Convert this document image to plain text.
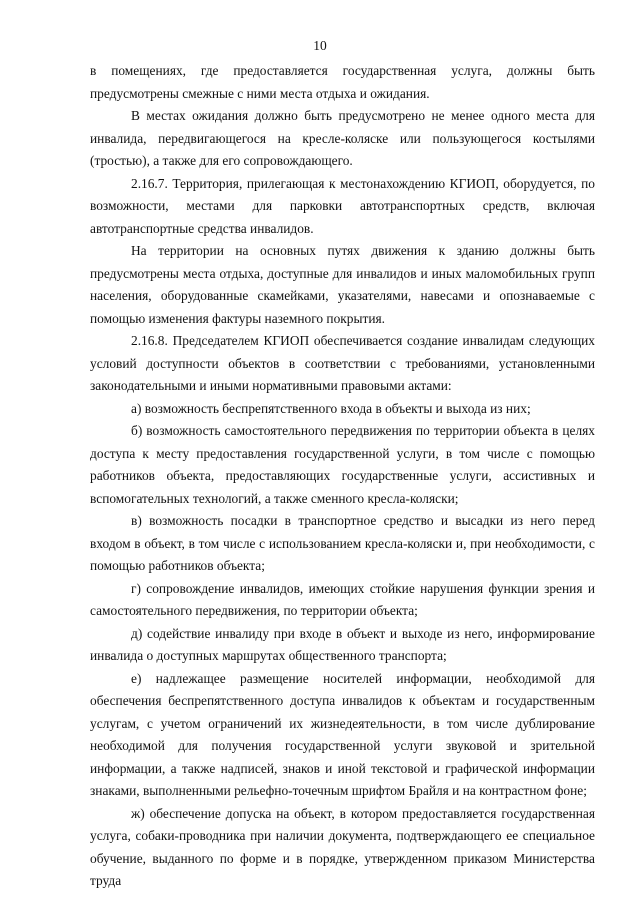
10

в помещениях, где предоставляется государственная услуга, должны быть предусмотрены смежные с ними места отдыха и ожидания.

В местах ожидания должно быть предусмотрено не менее одного места для инвалида, передвигающегося на кресле-коляске или пользующегося костылями (тростью), а также для его сопровождающего.

2.16.7. Территория, прилегающая к местонахождению КГИОП, оборудуется, по возможности, местами для парковки автотранспортных средств, включая автотранспортные средства инвалидов.

На территории на основных путях движения к зданию должны быть предусмотрены места отдыха, доступные для инвалидов и иных маломобильных групп населения, оборудованные скамейками, указателями, навесами и опознаваемые с помощью изменения фактуры наземного покрытия.

2.16.8. Председателем КГИОП обеспечивается создание инвалидам следующих условий доступности объектов в соответствии с требованиями, установленными законодательными и иными нормативными правовыми актами:

а) возможность беспрепятственного входа в объекты и выхода из них;

б) возможность самостоятельного передвижения по территории объекта в целях доступа к месту предоставления государственной услуги, в том числе с помощью работников объекта, предоставляющих государственные услуги, ассистивных и вспомогательных технологий, а также сменного кресла-коляски;

в) возможность посадки в транспортное средство и высадки из него перед входом в объект, в том числе с использованием кресла-коляски и, при необходимости, с помощью работников объекта;

г) сопровождение инвалидов, имеющих стойкие нарушения функции зрения и самостоятельного передвижения, по территории объекта;

д) содействие инвалиду при входе в объект и выходе из него, информирование инвалида о доступных маршрутах общественного транспорта;

е) надлежащее размещение носителей информации, необходимой для обеспечения беспрепятственного доступа инвалидов к объектам и государственным услугам, с учетом ограничений их жизнедеятельности, в том числе дублирование необходимой для получения государственной услуги звуковой и зрительной информации, а также надписей, знаков и иной текстовой и графической информации знаками, выполненными рельефно-точечным шрифтом Брайля и на контрастном фоне;

ж) обеспечение допуска на объект, в котором предоставляется государственная услуга, собаки-проводника при наличии документа, подтверждающего ее специальное обучение, выданного по форме и в порядке, утвержденном приказом Министерства труда
